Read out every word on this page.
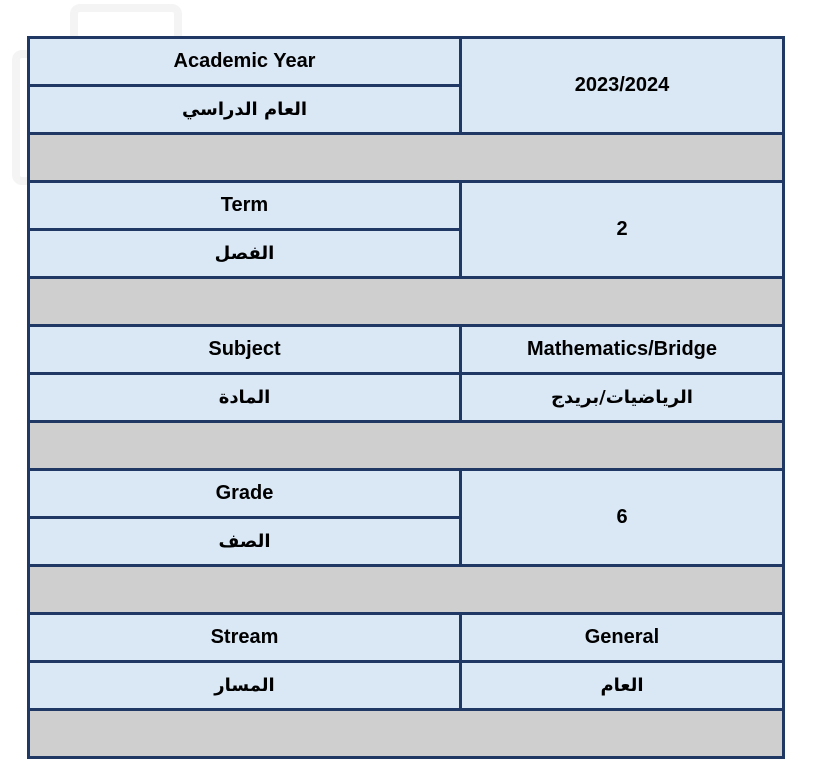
Academic Year	2023/2024
العام الدراسي	

Term	2
الفصل	

Subject	Mathematics/Bridge
المادة	الرياضيات/بريدج

Grade	6
الصف	

Stream	General
المسار	العام
